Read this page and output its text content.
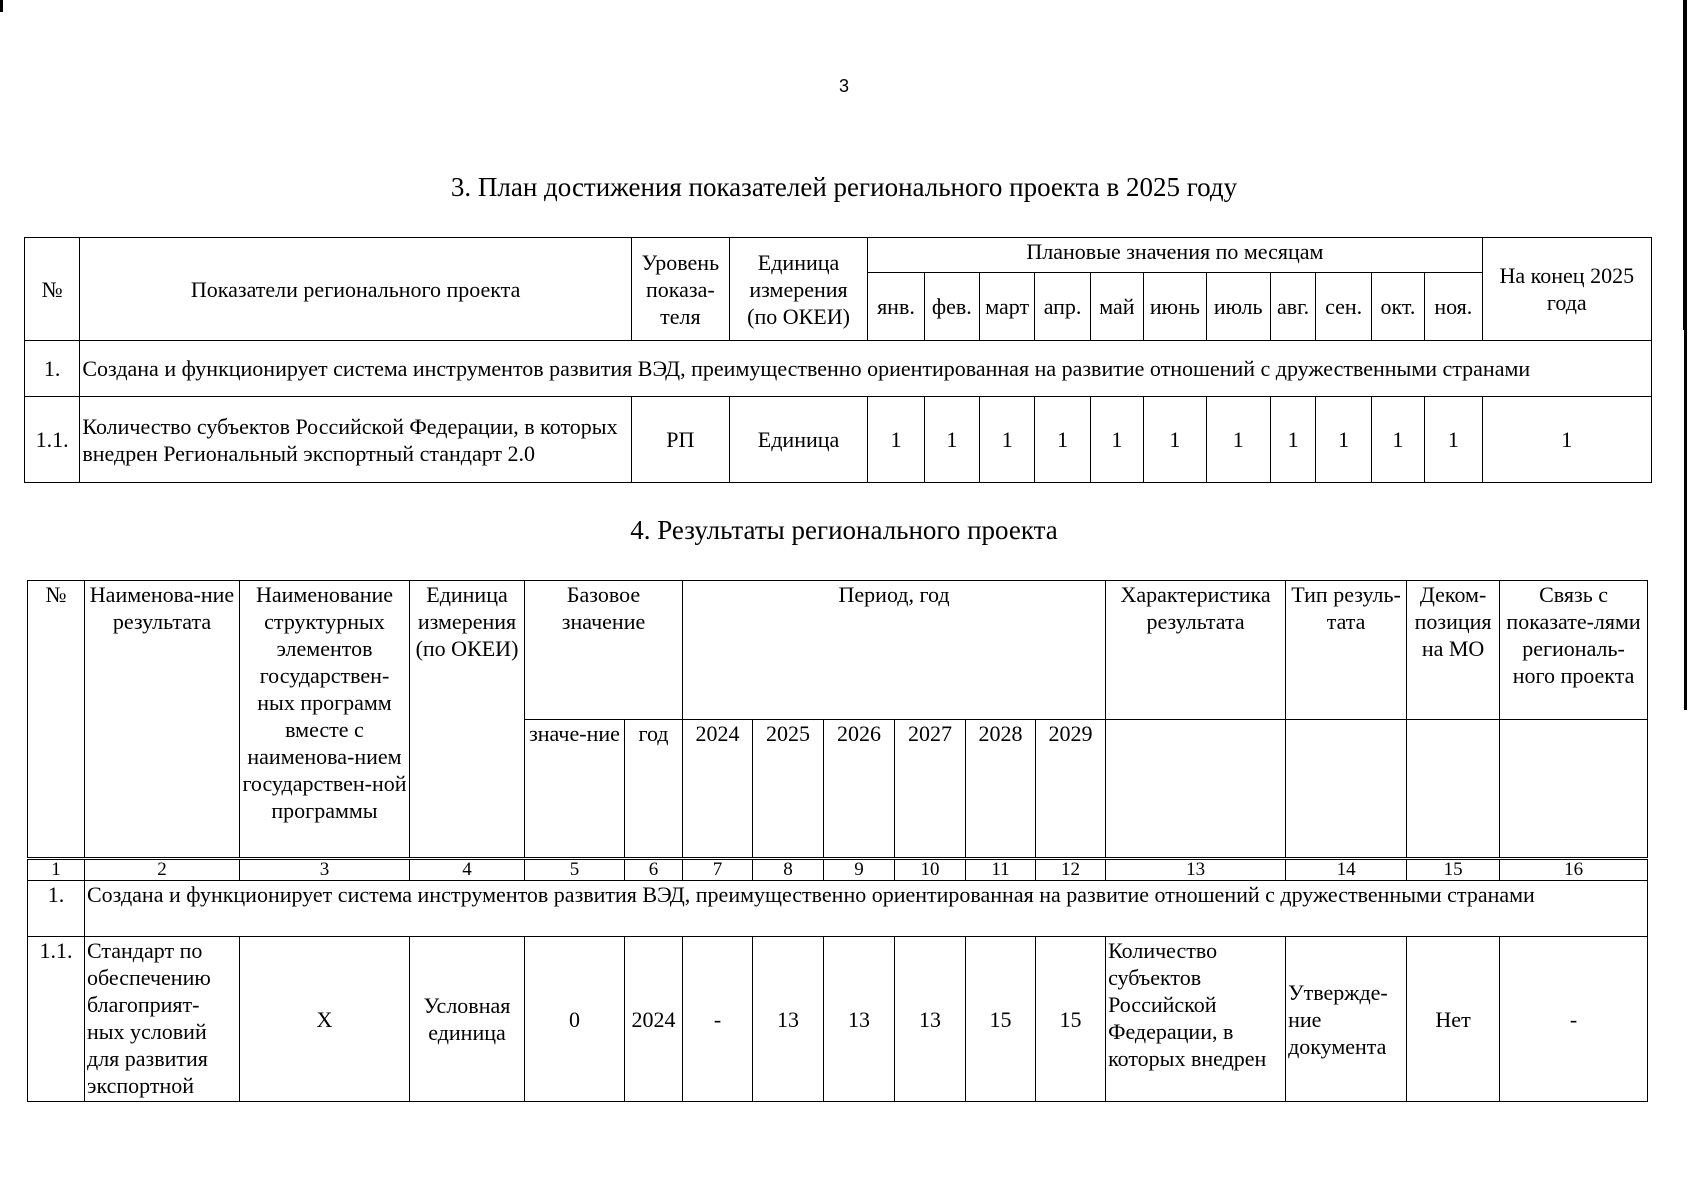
3
3. План достижения показателей регионального проекта в 2025 году
№	Показатели регионального проекта	Уровень показа-теля	Единица измерения (по ОКЕИ)	Плановые значения по месяцам											На конец 2025 года
				янв.	фев.	март	апр.	май	июнь	июль	авг.	сен.	окт.	ноя.	
1.	Создана и функционирует система инструментов развития ВЭД, преимущественно ориентированная на развитие отношений с дружественными странами														
1.1.	Количество субъектов Российской Федерации, в которых внедрен Региональный экспортный стандарт 2.0	РП	Единица	1	1	1	1	1	1	1	1	1	1	1	1
4. Результаты регионального проекта
№	Наименова-ние результата	Наименование структурных элементов государствен-ных программ вместе с наименова-нием государствен-ной программы	Единица измерения (по ОКЕИ)	Базовое значение		Период, год						Характеристика результата	Тип резуль-тата	Деком-позиция на МО	Связь с показате-лями региональ-ного проекта
				значе-ние	год	2024	2025	2026	2027	2028	2029				
1	2	3	4	5	6	7	8	9	10	11	12	13	14	15	16
1.	Создана и функционирует система инструментов развития ВЭД, преимущественно ориентированная на развитие отношений с дружественными странами														
1.1.	Стандарт по обеспечению благоприят-ных условий для развития экспортной	Х	Условная единица	0	2024	-	13	13	13	15	15	Количество субъектов Российской Федерации, в которых внедрен	Утвержде-ние документа	Нет	-
